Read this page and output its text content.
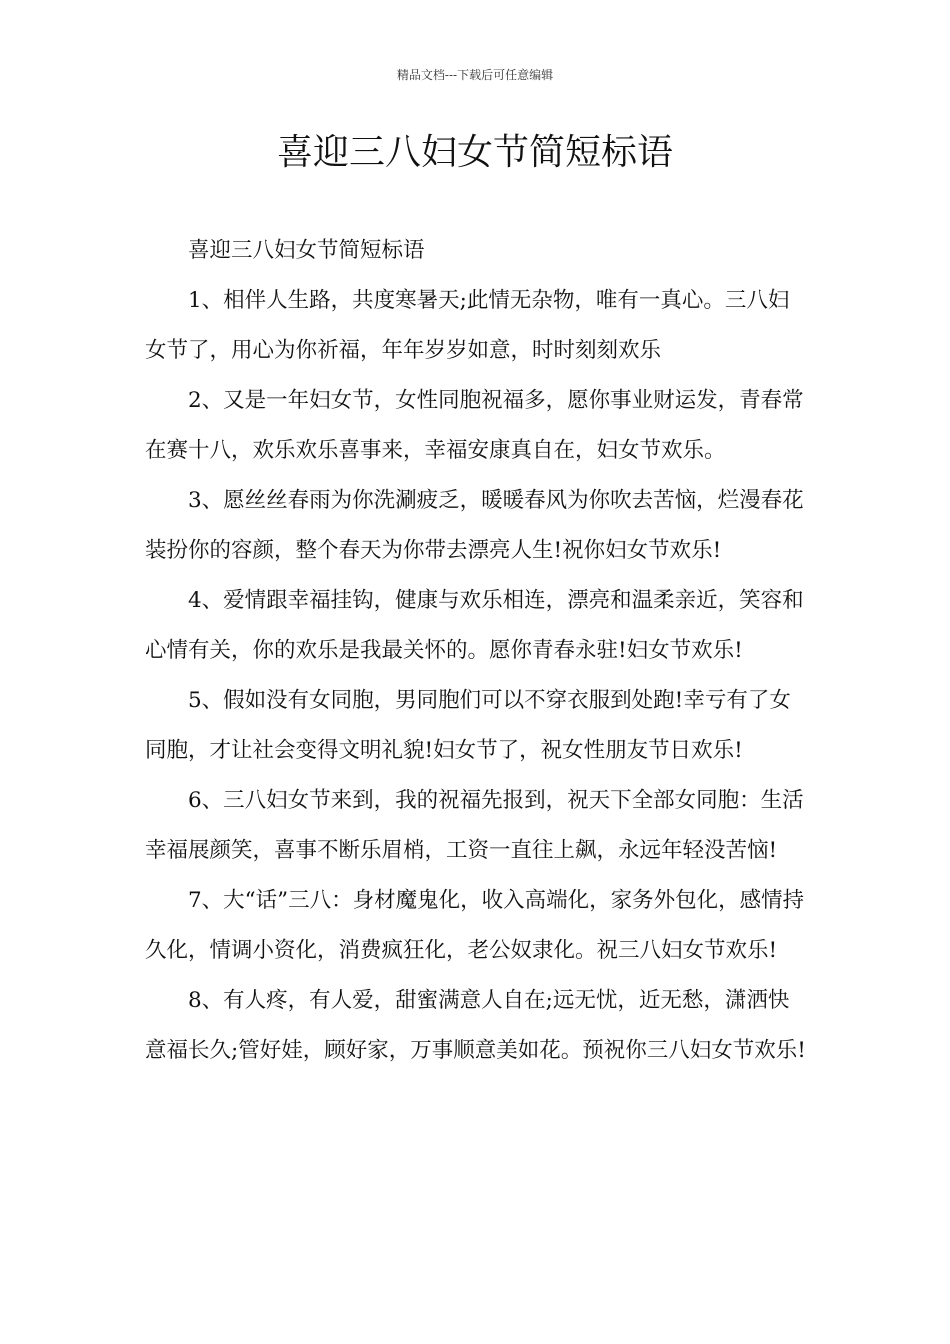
精品文档---下载后可任意编辑
喜迎三八妇女节简短标语

喜迎三八妇女节简短标语

1、相伴人生路，共度寒暑天;此情无杂物，唯有一真心。三八妇女节了，用心为你祈福，年年岁岁如意，时时刻刻欢乐

2、又是一年妇女节，女性同胞祝福多，愿你事业财运发，青春常在赛十八，欢乐欢乐喜事来，幸福安康真自在，妇女节欢乐。

3、愿丝丝春雨为你洗涮疲乏，暖暖春风为你吹去苦恼，烂漫春花装扮你的容颜，整个春天为你带去漂亮人生!祝你妇女节欢乐!

4、爱情跟幸福挂钩，健康与欢乐相连，漂亮和温柔亲近，笑容和心情有关，你的欢乐是我最关怀的。愿你青春永驻!妇女节欢乐!

5、假如没有女同胞，男同胞们可以不穿衣服到处跑!幸亏有了女同胞，才让社会变得文明礼貌!妇女节了，祝女性朋友节日欢乐!

6、三八妇女节来到，我的祝福先报到，祝天下全部女同胞：生活幸福展颜笑，喜事不断乐眉梢，工资一直往上飙，永远年轻没苦恼!

7、大“话”三八：身材魔鬼化，收入高端化，家务外包化，感情持久化，情调小资化，消费疯狂化，老公奴隶化。祝三八妇女节欢乐!

8、有人疼，有人爱，甜蜜满意人自在;远无忧，近无愁，潇洒快意福长久;管好娃，顾好家，万事顺意美如花。预祝你三八妇女节欢乐!
